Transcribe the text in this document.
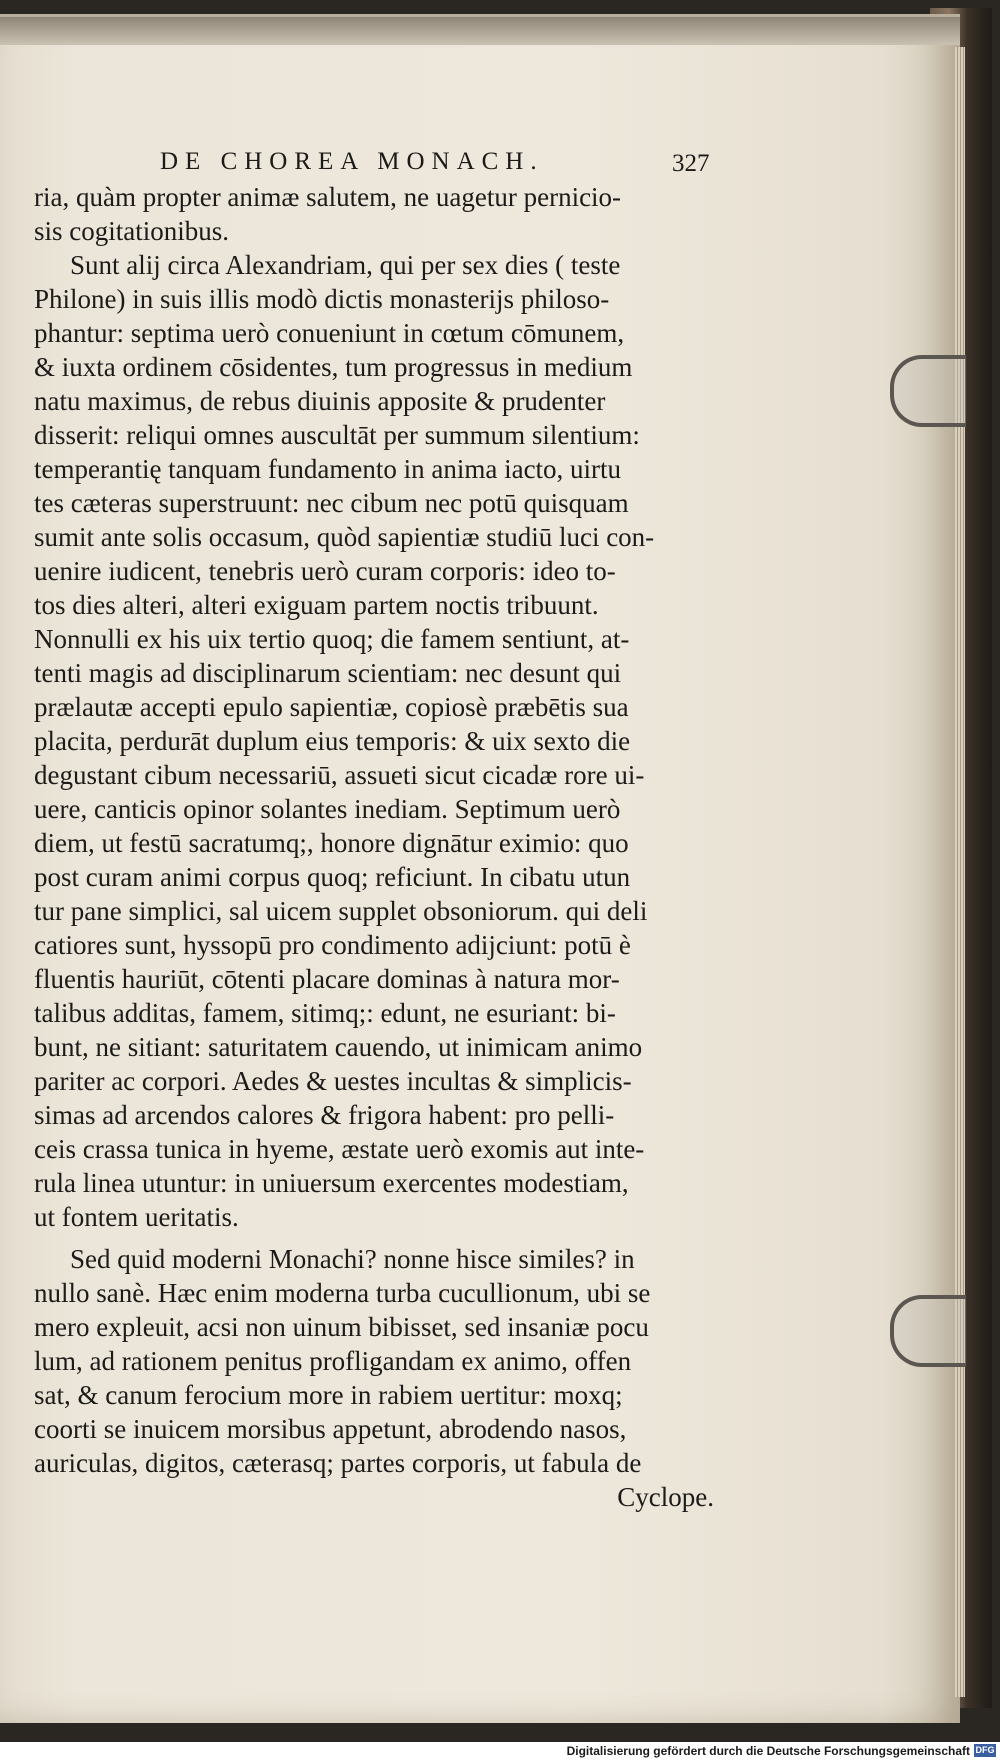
DE CHOREA MONACH.	327
ria, quàm propter animæ salutem, ne uagetur pernicio-
sis cogitationibus.
Sunt alij circa Alexandriam, qui per sex dies ( teste
Philone) in suis illis modò dictis monasterijs philoso-
phantur: septima uerò conueniunt in cœtum cōmunem,
& iuxta ordinem cōsidentes, tum progressus in medium
natu maximus, de rebus diuinis apposite & prudenter
disserit: reliqui omnes auscultāt per summum silentium:
temperantię tanquam fundamento in anima iacto, uirtu
tes cæteras superstruunt: nec cibum nec potū quisquam
sumit ante solis occasum, quòd sapientiæ studiū luci con-
uenire iudicent, tenebris uerò curam corporis: ideo to-
tos dies alteri, alteri exiguam partem noctis tribuunt.
Nonnulli ex his uix tertio quoq; die famem sentiunt, at-
tenti magis ad disciplinarum scientiam: nec desunt qui
prælautæ accepti epulo sapientiæ, copiosè præbētis sua
placita, perdurāt duplum eius temporis: & uix sexto die
degustant cibum necessariū, assueti sicut cicadæ rore ui-
uere, canticis opinor solantes inediam. Septimum uerò
diem, ut festū sacratumq;, honore dignātur eximio: quo
post curam animi corpus quoq; reficiunt. In cibatu utun
tur pane simplici, sal uicem supplet obsoniorum. qui deli
catiores sunt, hyssopū pro condimento adijciunt: potū è
fluentis hauriūt, cōtenti placare dominas à natura mor-
talibus additas, famem, sitimq;: edunt, ne esuriant: bi-
bunt, ne sitiant: saturitatem cauendo, ut inimicam animo
pariter ac corpori. Aedes & uestes incultas & simplicis-
simas ad arcendos calores & frigora habent: pro pelli-
ceis crassa tunica in hyeme, æstate uerò exomis aut inte-
rula linea utuntur: in uniuersum exercentes modestiam,
ut fontem ueritatis.
Sed quid moderni Monachi? nonne hisce similes? in
nullo sanè. Hæc enim moderna turba cucullionum, ubi se
mero expleuit, acsi non uinum bibisset, sed insaniæ pocu
lum, ad rationem penitus profligandam ex animo, offen
sat, & canum ferocium more in rabiem uertitur: moxq;
coorti se inuicem morsibus appetunt, abrodendo nasos,
auriculas, digitos, cæterasq; partes corporis, ut fabula de
Cyclope.
Digitalisierung gefördert durch die Deutsche Forschungsgemeinschaft DFG
